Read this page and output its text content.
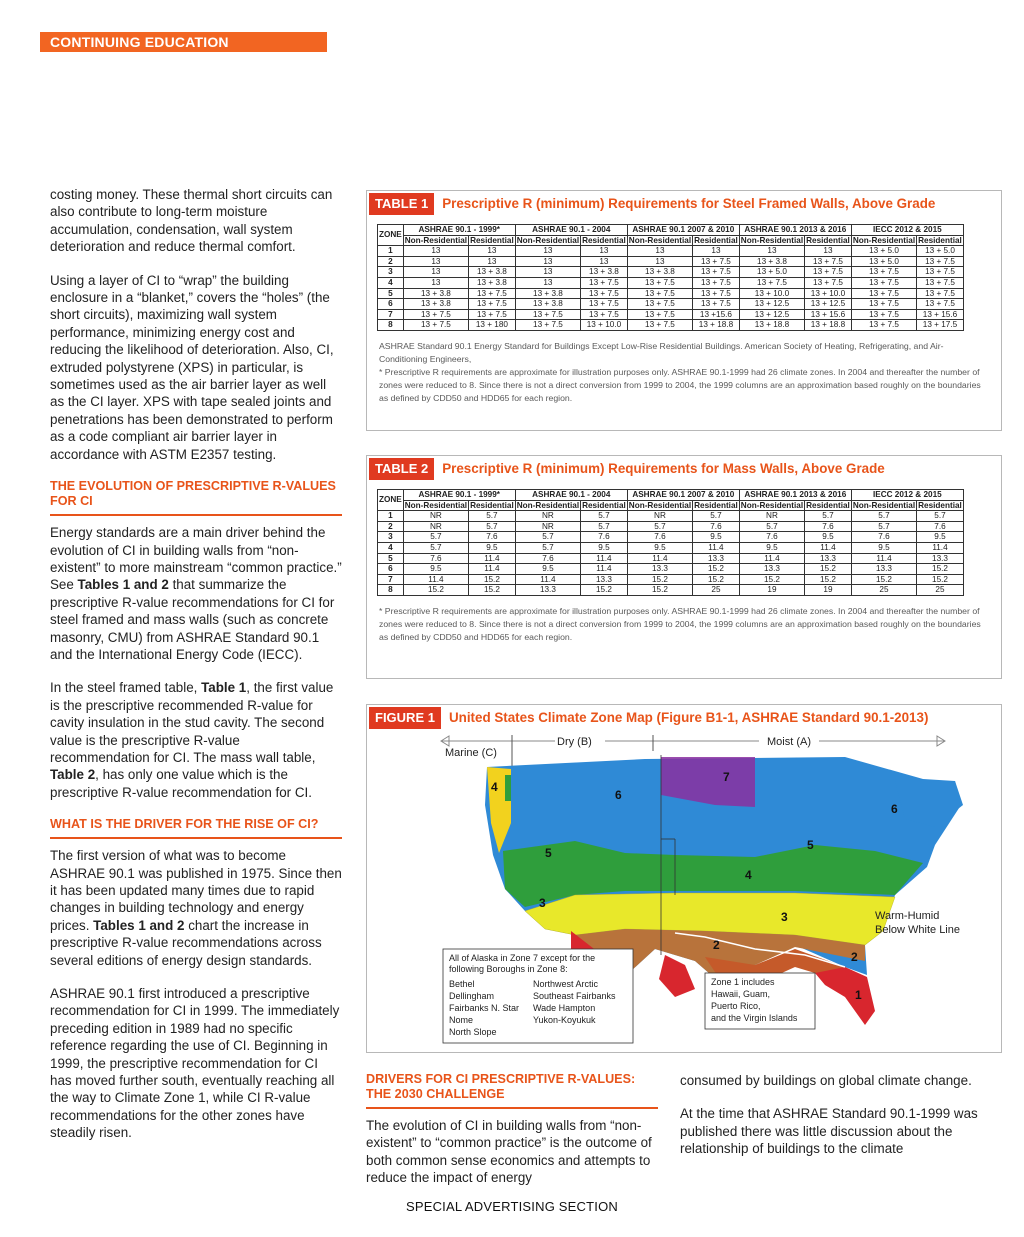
CONTINUING EDUCATION

costing money. These thermal short circuits can also contribute to long-term moisture accumulation, condensation, wall system deterioration and reduce thermal comfort.

Using a layer of CI to “wrap” the building enclosure in a “blanket,” covers the “holes” (the short circuits), maximizing wall system performance, minimizing energy cost and reducing the likelihood of deterioration. Also, CI, extruded polystyrene (XPS) in particular, is sometimes used as the air barrier layer as well as the CI layer. XPS with tape sealed joints and penetrations has been demonstrated to perform as a code compliant air barrier layer in accordance with ASTM E2357 testing.

THE EVOLUTION OF PRESCRIPTIVE R-VALUES FOR CI

Energy standards are a main driver behind the evolution of CI in building walls from “non-existent” to more mainstream “common practice.” See Tables 1 and 2 that summarize the prescriptive R-value recommendations for CI for steel framed and mass walls (such as concrete masonry, CMU) from ASHRAE Standard 90.1 and the International Energy Code (IECC).

In the steel framed table, Table 1, the first value is the prescriptive recommended R-value for cavity insulation in the stud cavity. The second value is the prescriptive R-value recommendation for CI. The mass wall table, Table 2, has only one value which is the prescriptive R-value recommendation for CI.

WHAT IS THE DRIVER FOR THE RISE OF CI?

The first version of what was to become ASHRAE 90.1 was published in 1975. Since then it has been updated many times due to rapid changes in building technology and energy prices. Tables 1 and 2 chart the increase in prescriptive R-value recommendations across several editions of energy design standards.

ASHRAE 90.1 first introduced a prescriptive recommendation for CI in 1999. The immediately preceding edition in 1989 had no specific reference regarding the use of CI. Beginning in 1999, the prescriptive recommendation for CI has moved further south, eventually reaching all the way to Climate Zone 1, while CI R-value recommendations for the other zones have steadily risen.

TABLE 1	Prescriptive R (minimum) Requirements for Steel Framed Walls, Above Grade
ZONE	ASHRAE 90.1 - 1999*		ASHRAE 90.1 - 2004		ASHRAE 90.1 2007 & 2010		ASHRAE 90.1 2013 & 2016		IECC 2012 & 2015	
	Non-Residential	Residential	Non-Residential	Residential	Non-Residential	Residential	Non-Residential	Residential	Non-Residential	Residential
1	13	13	13	13	13	13	13	13	13 + 5.0	13 + 5.0
2	13	13	13	13	13	13 + 7.5	13 + 3.8	13 + 7.5	13 + 5.0	13 + 7.5
3	13	13 + 3.8	13	13 + 3.8	13 + 3.8	13 + 7.5	13 + 5.0	13 + 7.5	13 + 7.5	13 + 7.5
4	13	13 + 3.8	13	13 + 7.5	13 + 7.5	13 + 7.5	13 + 7.5	13 + 7.5	13 + 7.5	13 + 7.5
5	13 + 3.8	13 + 7.5	13 + 3.8	13 + 7.5	13 + 7.5	13 + 7.5	13 + 10.0	13 + 10.0	13 + 7.5	13 + 7.5
6	13 + 3.8	13 + 7.5	13 + 3.8	13 + 7.5	13 + 7.5	13 + 7.5	13 + 12.5	13 + 12.5	13 + 7.5	13 + 7.5
7	13 + 7.5	13 + 7.5	13 + 7.5	13 + 7.5	13 + 7.5	13 +15.6	13 + 12.5	13 + 15.6	13 + 7.5	13 + 15.6
8	13 + 7.5	13 + 180	13 + 7.5	13 + 10.0	13 + 7.5	13 + 18.8	13 + 18.8	13 + 18.8	13 + 7.5	13 + 17.5
ASHRAE Standard 90.1 Energy Standard for Buildings Except Low-Rise Residential Buildings. American Society of Heating, Refrigerating, and Air-Conditioning Engineers,
* Prescriptive R requirements are approximate for illustration purposes only. ASHRAE 90.1-1999 had 26 climate zones. In 2004 and thereafter the number of zones were reduced to 8. Since there is not a direct conversion from 1999 to 2004, the 1999 columns are an approximation based roughly on the boundaries as defined by CDD50 and HDD65 for each region.
TABLE 2	Prescriptive R (minimum) Requirements for Mass Walls, Above Grade
ZONE	ASHRAE 90.1 - 1999*		ASHRAE 90.1 - 2004		ASHRAE 90.1 2007 & 2010		ASHRAE 90.1 2013 & 2016		IECC 2012 & 2015	
	Non-Residential	Residential	Non-Residential	Residential	Non-Residential	Residential	Non-Residential	Residential	Non-Residential	Residential
1	NR	5.7	NR	5.7	NR	5.7	NR	5.7	5.7	5.7
2	NR	5.7	NR	5.7	5.7	7.6	5.7	7.6	5.7	7.6
3	5.7	7.6	5.7	7.6	7.6	9.5	7.6	9.5	7.6	9.5
4	5.7	9.5	5.7	9.5	9.5	11.4	9.5	11.4	9.5	11.4
5	7.6	11.4	7.6	11.4	11.4	13.3	11.4	13.3	11.4	13.3
6	9.5	11.4	9.5	11.4	13.3	15.2	13.3	15.2	13.3	15.2
7	11.4	15.2	11.4	13.3	15.2	15.2	15.2	15.2	15.2	15.2
8	15.2	15.2	13.3	15.2	15.2	25	19	19	25	25
* Prescriptive R requirements are approximate for illustration purposes only. ASHRAE 90.1-1999 had 26 climate zones. In 2004 and thereafter the number of zones were reduced to 8. Since there is not a direct conversion from 1999 to 2004, the 1999 columns are an approximation based roughly on the boundaries as defined by CDD50 and HDD65 for each region.
FIGURE 1	United States Climate Zone Map (Figure B1-1, ASHRAE Standard 90.1-2013)
Dry (B)	Moist (A)
Marine (C)
1
2
2
3
3
4
4
5
5
6
6
7
Warm-Humid
Below White Line
All of Alaska in Zone 7 except for the
following Boroughs in Zone 8:
Bethel
Dellingham
Fairbanks N. Star
Nome
North Slope
Northwest Arctic
Southeast Fairbanks
Wade Hampton
Yukon-Koyukuk
Zone 1 includes
Hawaii, Guam,
Puerto Rico,
and the Virgin Islands
DRIVERS FOR CI PRESCRIPTIVE R-VALUES: THE 2030 CHALLENGE

The evolution of CI in building walls from “non-existent” to “common practice” is the outcome of both common sense economics and attempts to reduce the impact of energy

consumed by buildings on global climate change.

At the time that ASHRAE Standard 90.1-1999 was published there was little discussion about the relationship of buildings to the climate

SPECIAL ADVERTISING SECTION
